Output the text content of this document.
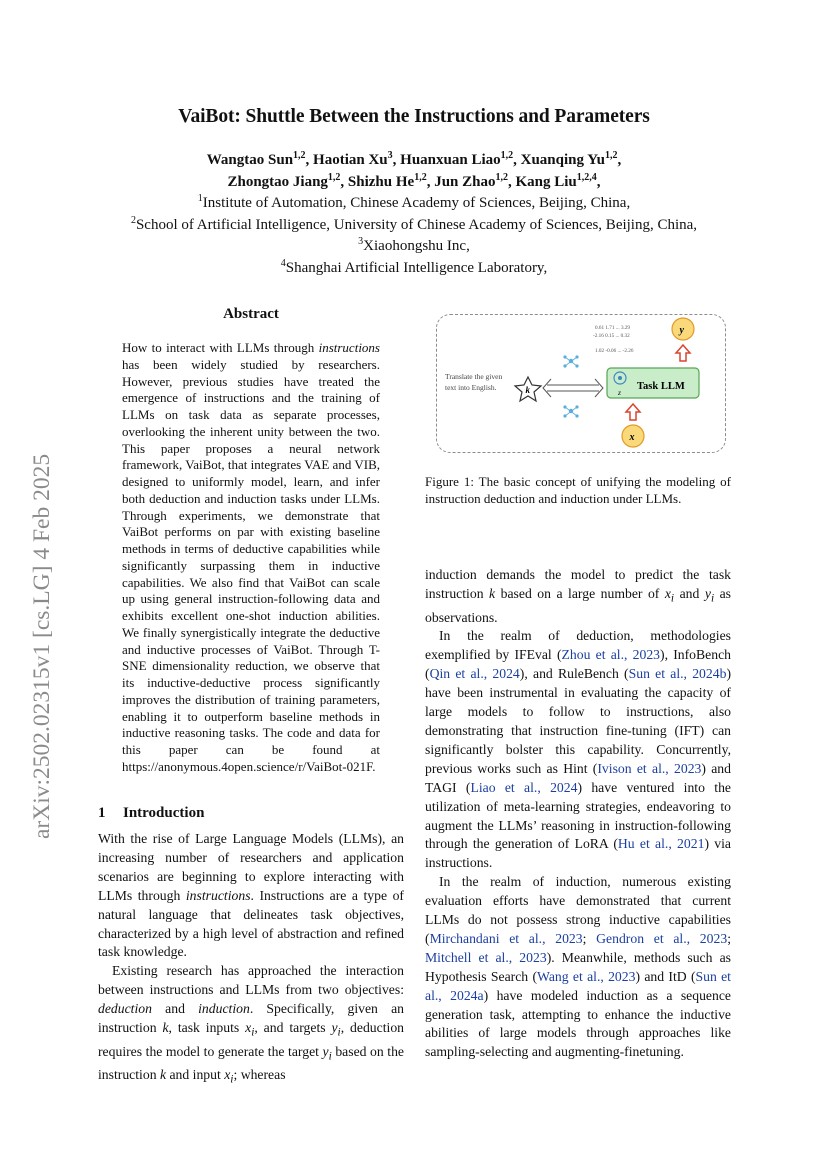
arXiv:2502.02315v1 [cs.LG] 4 Feb 2025
VaiBot: Shuttle Between the Instructions and Parameters
Wangtao Sun$^{1,2}$, Haotian Xu$^3$, Huanxuan Liao$^{1,2}$, Xuanqing Yu$^{1,2}$,
Zhongtao Jiang$^{1,2}$, Shizhu He$^{1,2}$, Jun Zhao$^{1,2}$, Kang Liu$^{1,2,4}$,
$^1$Institute of Automation, Chinese Academy of Sciences, Beijing, China,
$^2$School of Artificial Intelligence, University of Chinese Academy of Sciences, Beijing, China,
$^3$Xiaohongshu Inc,
$^4$Shanghai Artificial Intelligence Laboratory,
Abstract
How to interact with LLMs through instructions has been widely studied by researchers. However, previous studies have treated the emergence of instructions and the training of LLMs on task data as separate processes, overlooking the inherent unity between the two. This paper proposes a neural network framework, VaiBot, that integrates VAE and VIB, designed to uniformly model, learn, and infer both deduction and induction tasks under LLMs. Through experiments, we demonstrate that VaiBot performs on par with existing baseline methods in terms of deductive capabilities while significantly surpassing them in inductive capabilities. We also find that VaiBot can scale up using general instruction-following data and exhibits excellent one-shot induction abilities. We finally synergistically integrate the deductive and inductive processes of VaiBot. Through T-SNE dimensionality reduction, we observe that its inductive-deductive process significantly improves the distribution of training parameters, enabling it to outperform baseline methods in inductive reasoning tasks. The code and data for this paper can be found at https://anonymous.4open.science/r/VaiBot-021F.
1 Introduction

With the rise of Large Language Models (LLMs), an increasing number of researchers and application scenarios are beginning to explore interacting with LLMs through instructions. Instructions are a type of natural language that delineates task objectives, characterized by a high level of abstraction and refined task knowledge.

Existing research has approached the interaction between instructions and LLMs from two objectives: deduction and induction. Specifically, given an instruction k, task inputs $x_i$, and targets $y_i$, deduction requires the model to generate the target $y_i$ based on the instruction k and input $x_i$; whereas

Translate the given
text into English.	k
0.61 1.71 ... 3.29
-2.16 0.15 ... 0.32
1.02 -0.06 ... -2.26
z
Task LLM
y
x
Figure 1: The basic concept of unifying the modeling of instruction deduction and induction under LLMs.

induction demands the model to predict the task instruction k based on a large number of $x_i$ and $y_i$ as observations.

In the realm of deduction, methodologies exemplified by IFEval (Zhou et al., 2023), InfoBench (Qin et al., 2024), and RuleBench (Sun et al., 2024b) have been instrumental in evaluating the capacity of large models to follow to instructions, also demonstrating that instruction fine-tuning (IFT) can significantly bolster this capability. Concurrently, previous works such as Hint (Ivison et al., 2023) and TAGI (Liao et al., 2024) have ventured into the utilization of meta-learning strategies, endeavoring to augment the LLMs’ reasoning in instruction-following through the generation of LoRA (Hu et al., 2021) via instructions.

In the realm of induction, numerous existing evaluation efforts have demonstrated that current LLMs do not possess strong inductive capabilities (Mirchandani et al., 2023; Gendron et al., 2023; Mitchell et al., 2023). Meanwhile, methods such as Hypothesis Search (Wang et al., 2023) and ItD (Sun et al., 2024a) have modeled induction as a sequence generation task, attempting to enhance the inductive abilities of large models through approaches like sampling-selecting and augmenting-finetuning.
